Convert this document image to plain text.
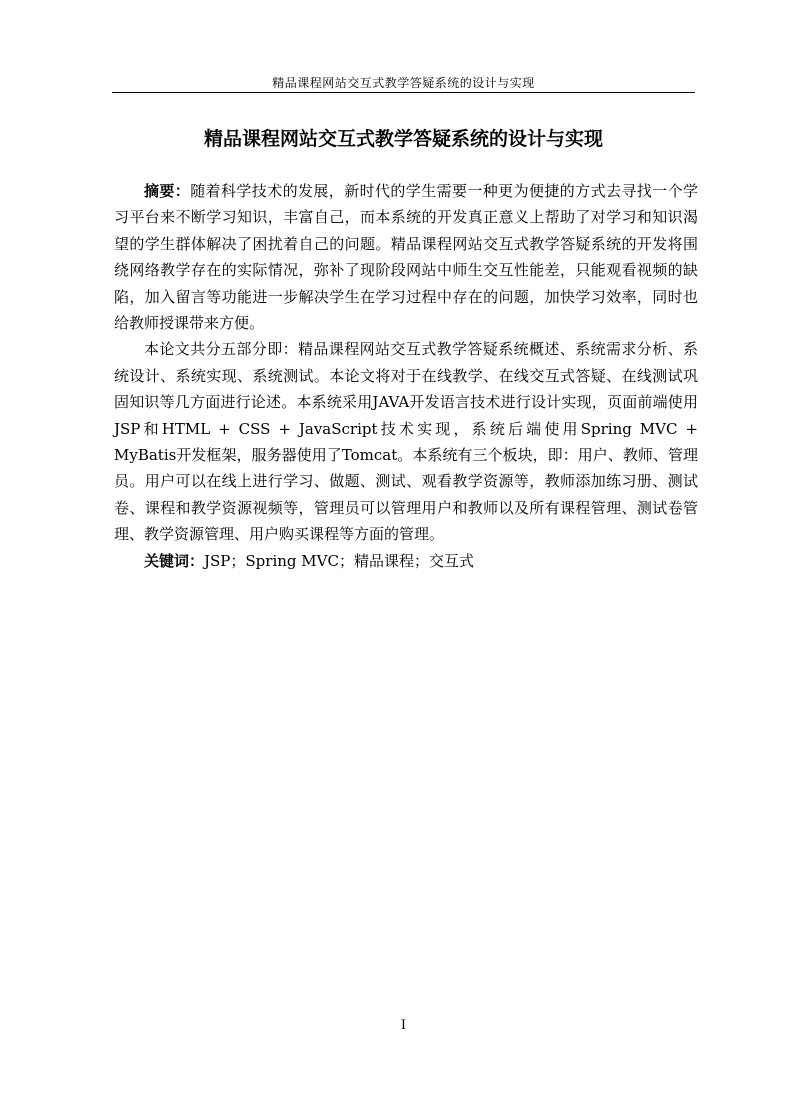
精品课程网站交互式教学答疑系统的设计与实现
精品课程网站交互式教学答疑系统的设计与实现

摘要：随着科学技术的发展，新时代的学生需要一种更为便捷的方式去寻找一个学习平台来不断学习知识，丰富自己，而本系统的开发真正意义上帮助了对学习和知识渴望的学生群体解决了困扰着自己的问题。精品课程网站交互式教学答疑系统的开发将围绕网络教学存在的实际情况，弥补了现阶段网站中师生交互性能差，只能观看视频的缺陷，加入留言等功能进一步解决学生在学习过程中存在的问题，加快学习效率，同时也给教师授课带来方便。

本论文共分五部分即：精品课程网站交互式教学答疑系统概述、系统需求分析、系统设计、系统实现、系统测试。本论文将对于在线教学、在线交互式答疑、在线测试巩固知识等几方面进行论述。本系统采用JAVA开发语言技术进行设计实现，页面前端使用JSP和HTML + CSS + JavaScript技术实现，系统后端使用Spring MVC + MyBatis开发框架，服务器使用了Tomcat。本系统有三个板块，即：用户、教师、管理员。用户可以在线上进行学习、做题、测试、观看教学资源等，教师添加练习册、测试卷、课程和教学资源视频等，管理员可以管理用户和教师以及所有课程管理、测试卷管理、教学资源管理、用户购买课程等方面的管理。

关键词：JSP；Spring MVC；精品课程；交互式

I
